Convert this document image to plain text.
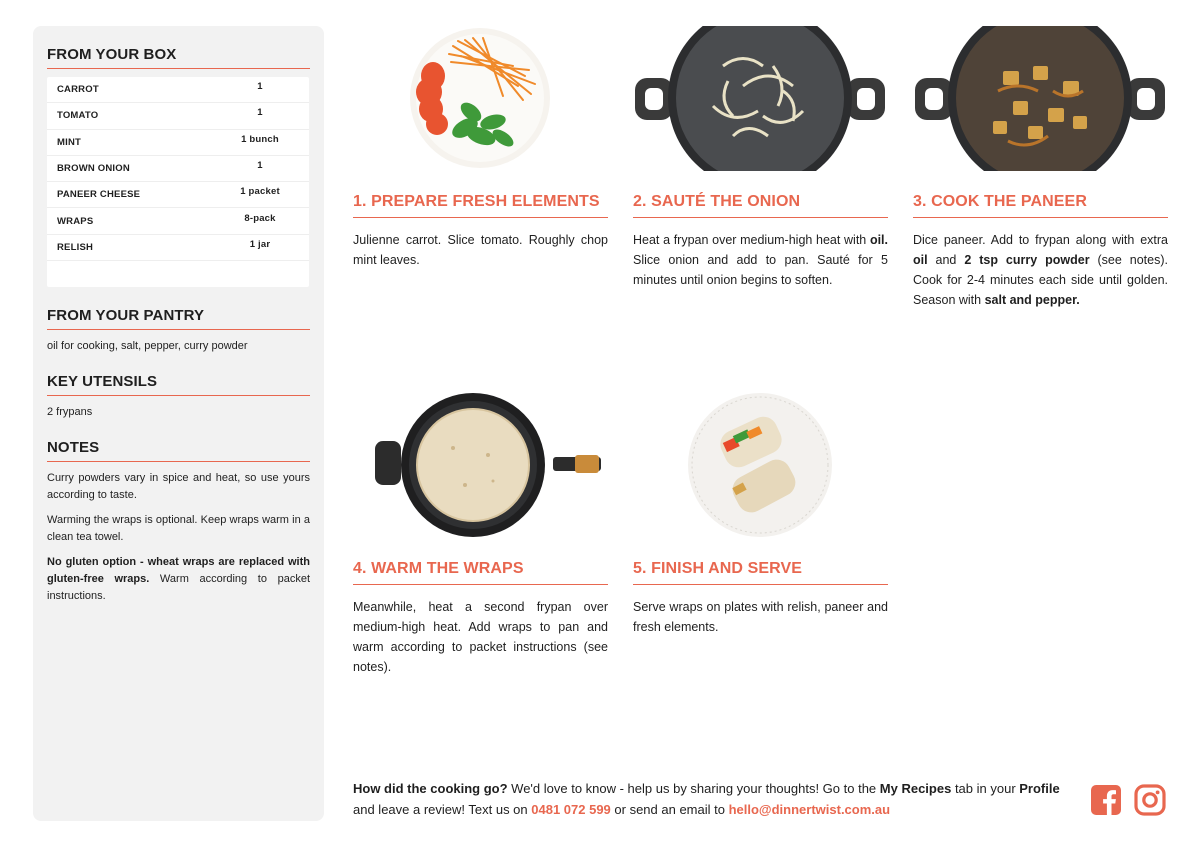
FROM YOUR BOX
CARROT	1
TOMATO	1
MINT	1 bunch
BROWN ONION	1
PANEER CHEESE	1 packet
WRAPS	8-pack
RELISH	1 jar
FROM YOUR PANTRY
oil for cooking, salt, pepper, curry powder
KEY UTENSILS
2 frypans
NOTES

Curry powders vary in spice and heat, so use yours according to taste.

Warming the wraps is optional. Keep wraps warm in a clean tea towel.

No gluten option - wheat wraps are replaced with gluten-free wraps. Warm according to packet instructions.

1. PREPARE FRESH ELEMENTS
Julienne carrot. Slice tomato. Roughly chop mint leaves.
2. SAUTÉ THE ONION
Heat a frypan over medium-high heat with oil. Slice onion and add to pan. Sauté for 5 minutes until onion begins to soften.
3. COOK THE PANEER
Dice paneer. Add to frypan along with extra oil and 2 tsp curry powder (see notes). Cook for 2-4 minutes each side until golden. Season with salt and pepper.
4. WARM THE WRAPS
Meanwhile, heat a second frypan over medium-high heat. Add wraps to pan and warm according to packet instructions (see notes).
5. FINISH AND SERVE
Serve wraps on plates with relish, paneer and fresh elements.
How did the cooking go? We'd love to know - help us by sharing your thoughts! Go to the My Recipes tab in your Profile and leave a review! Text us on 0481 072 599 or send an email to hello@dinnertwist.com.au
